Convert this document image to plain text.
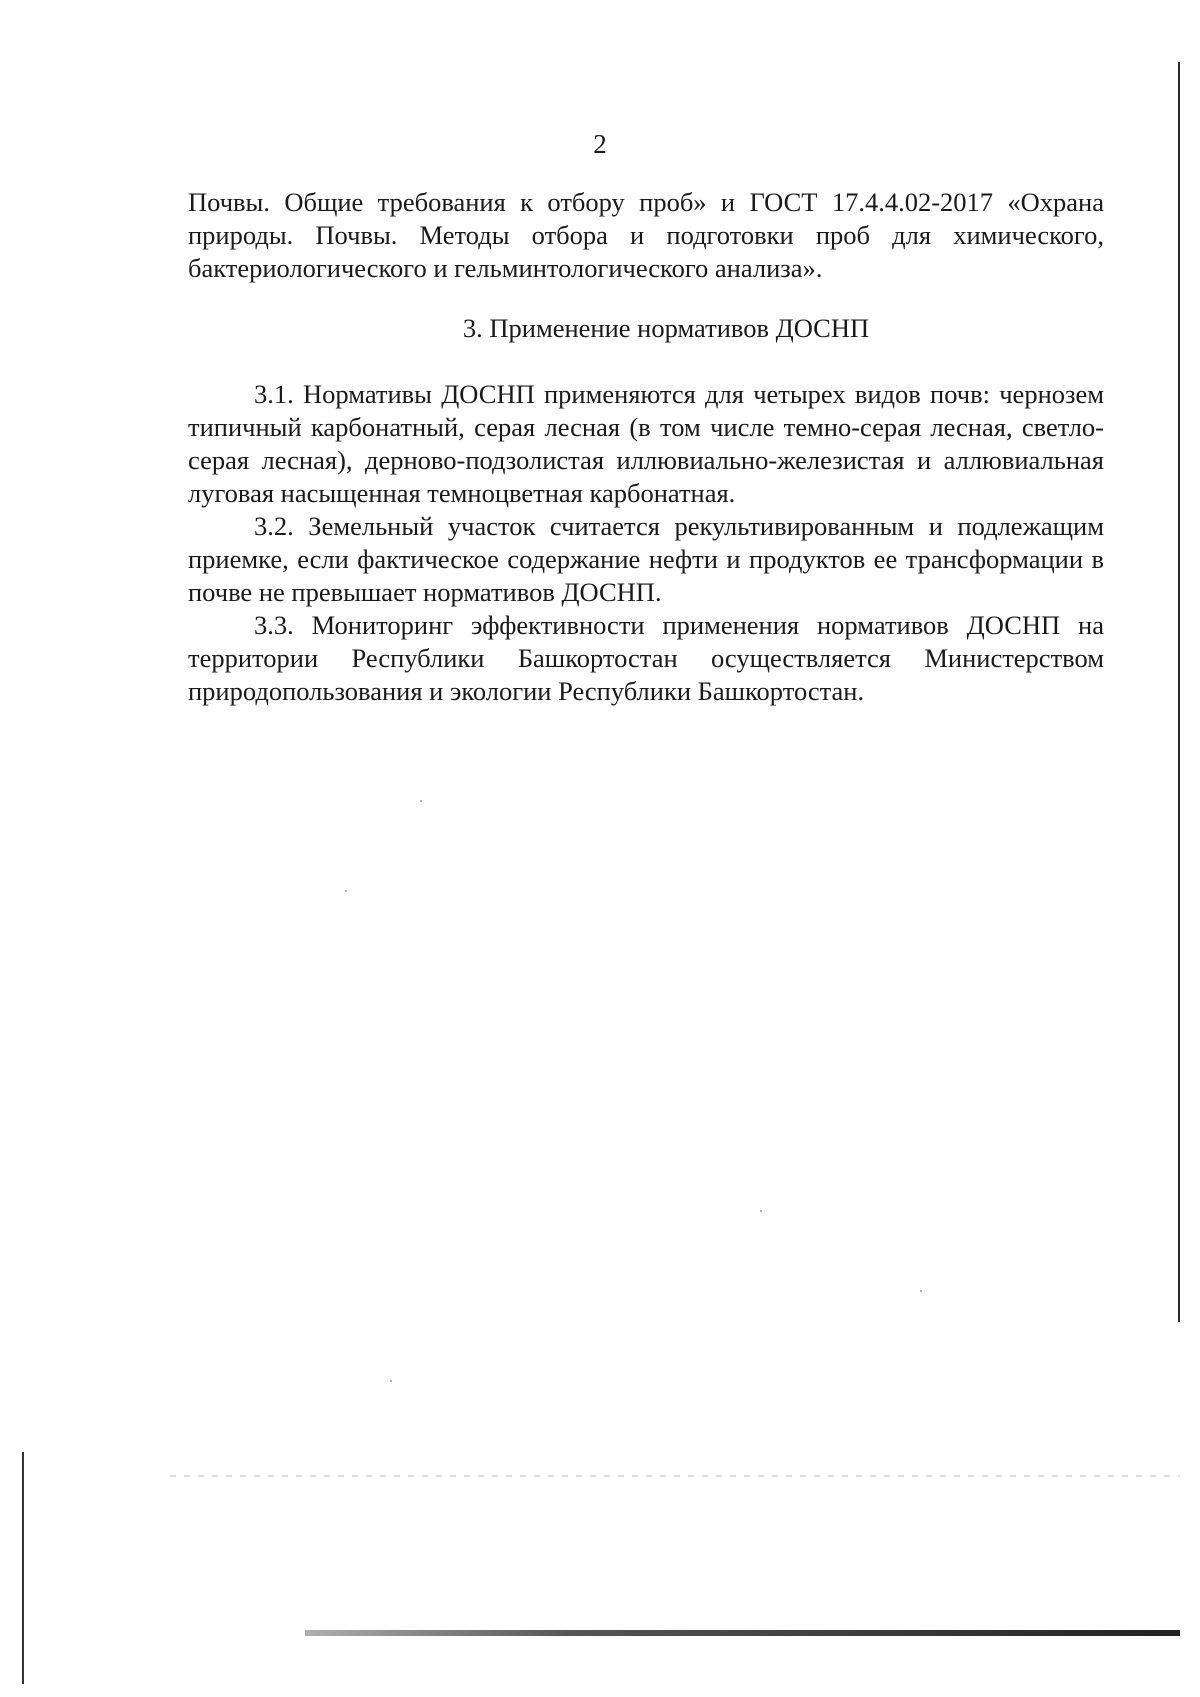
2

Почвы. Общие требования к отбору проб» и ГОСТ 17.4.4.02-2017 «Охрана природы. Почвы. Методы отбора и подготовки проб для химического, бактериологического и гельминтологического анализа».

3. Применение нормативов ДОСНП

3.1. Нормативы ДОСНП применяются для четырех видов почв: чернозем типичный карбонатный, серая лесная (в том числе темно-серая лесная, светло-серая лесная), дерново-подзолистая иллювиально-железистая и аллювиальная луговая насыщенная темноцветная карбонатная.

3.2. Земельный участок считается рекультивированным и подлежащим приемке, если фактическое содержание нефти и продуктов ее трансформации в почве не превышает нормативов ДОСНП.

3.3. Мониторинг эффективности применения нормативов ДОСНП на территории Республики Башкортостан осуществляется Министерством природопользования и экологии Республики Башкортостан.
